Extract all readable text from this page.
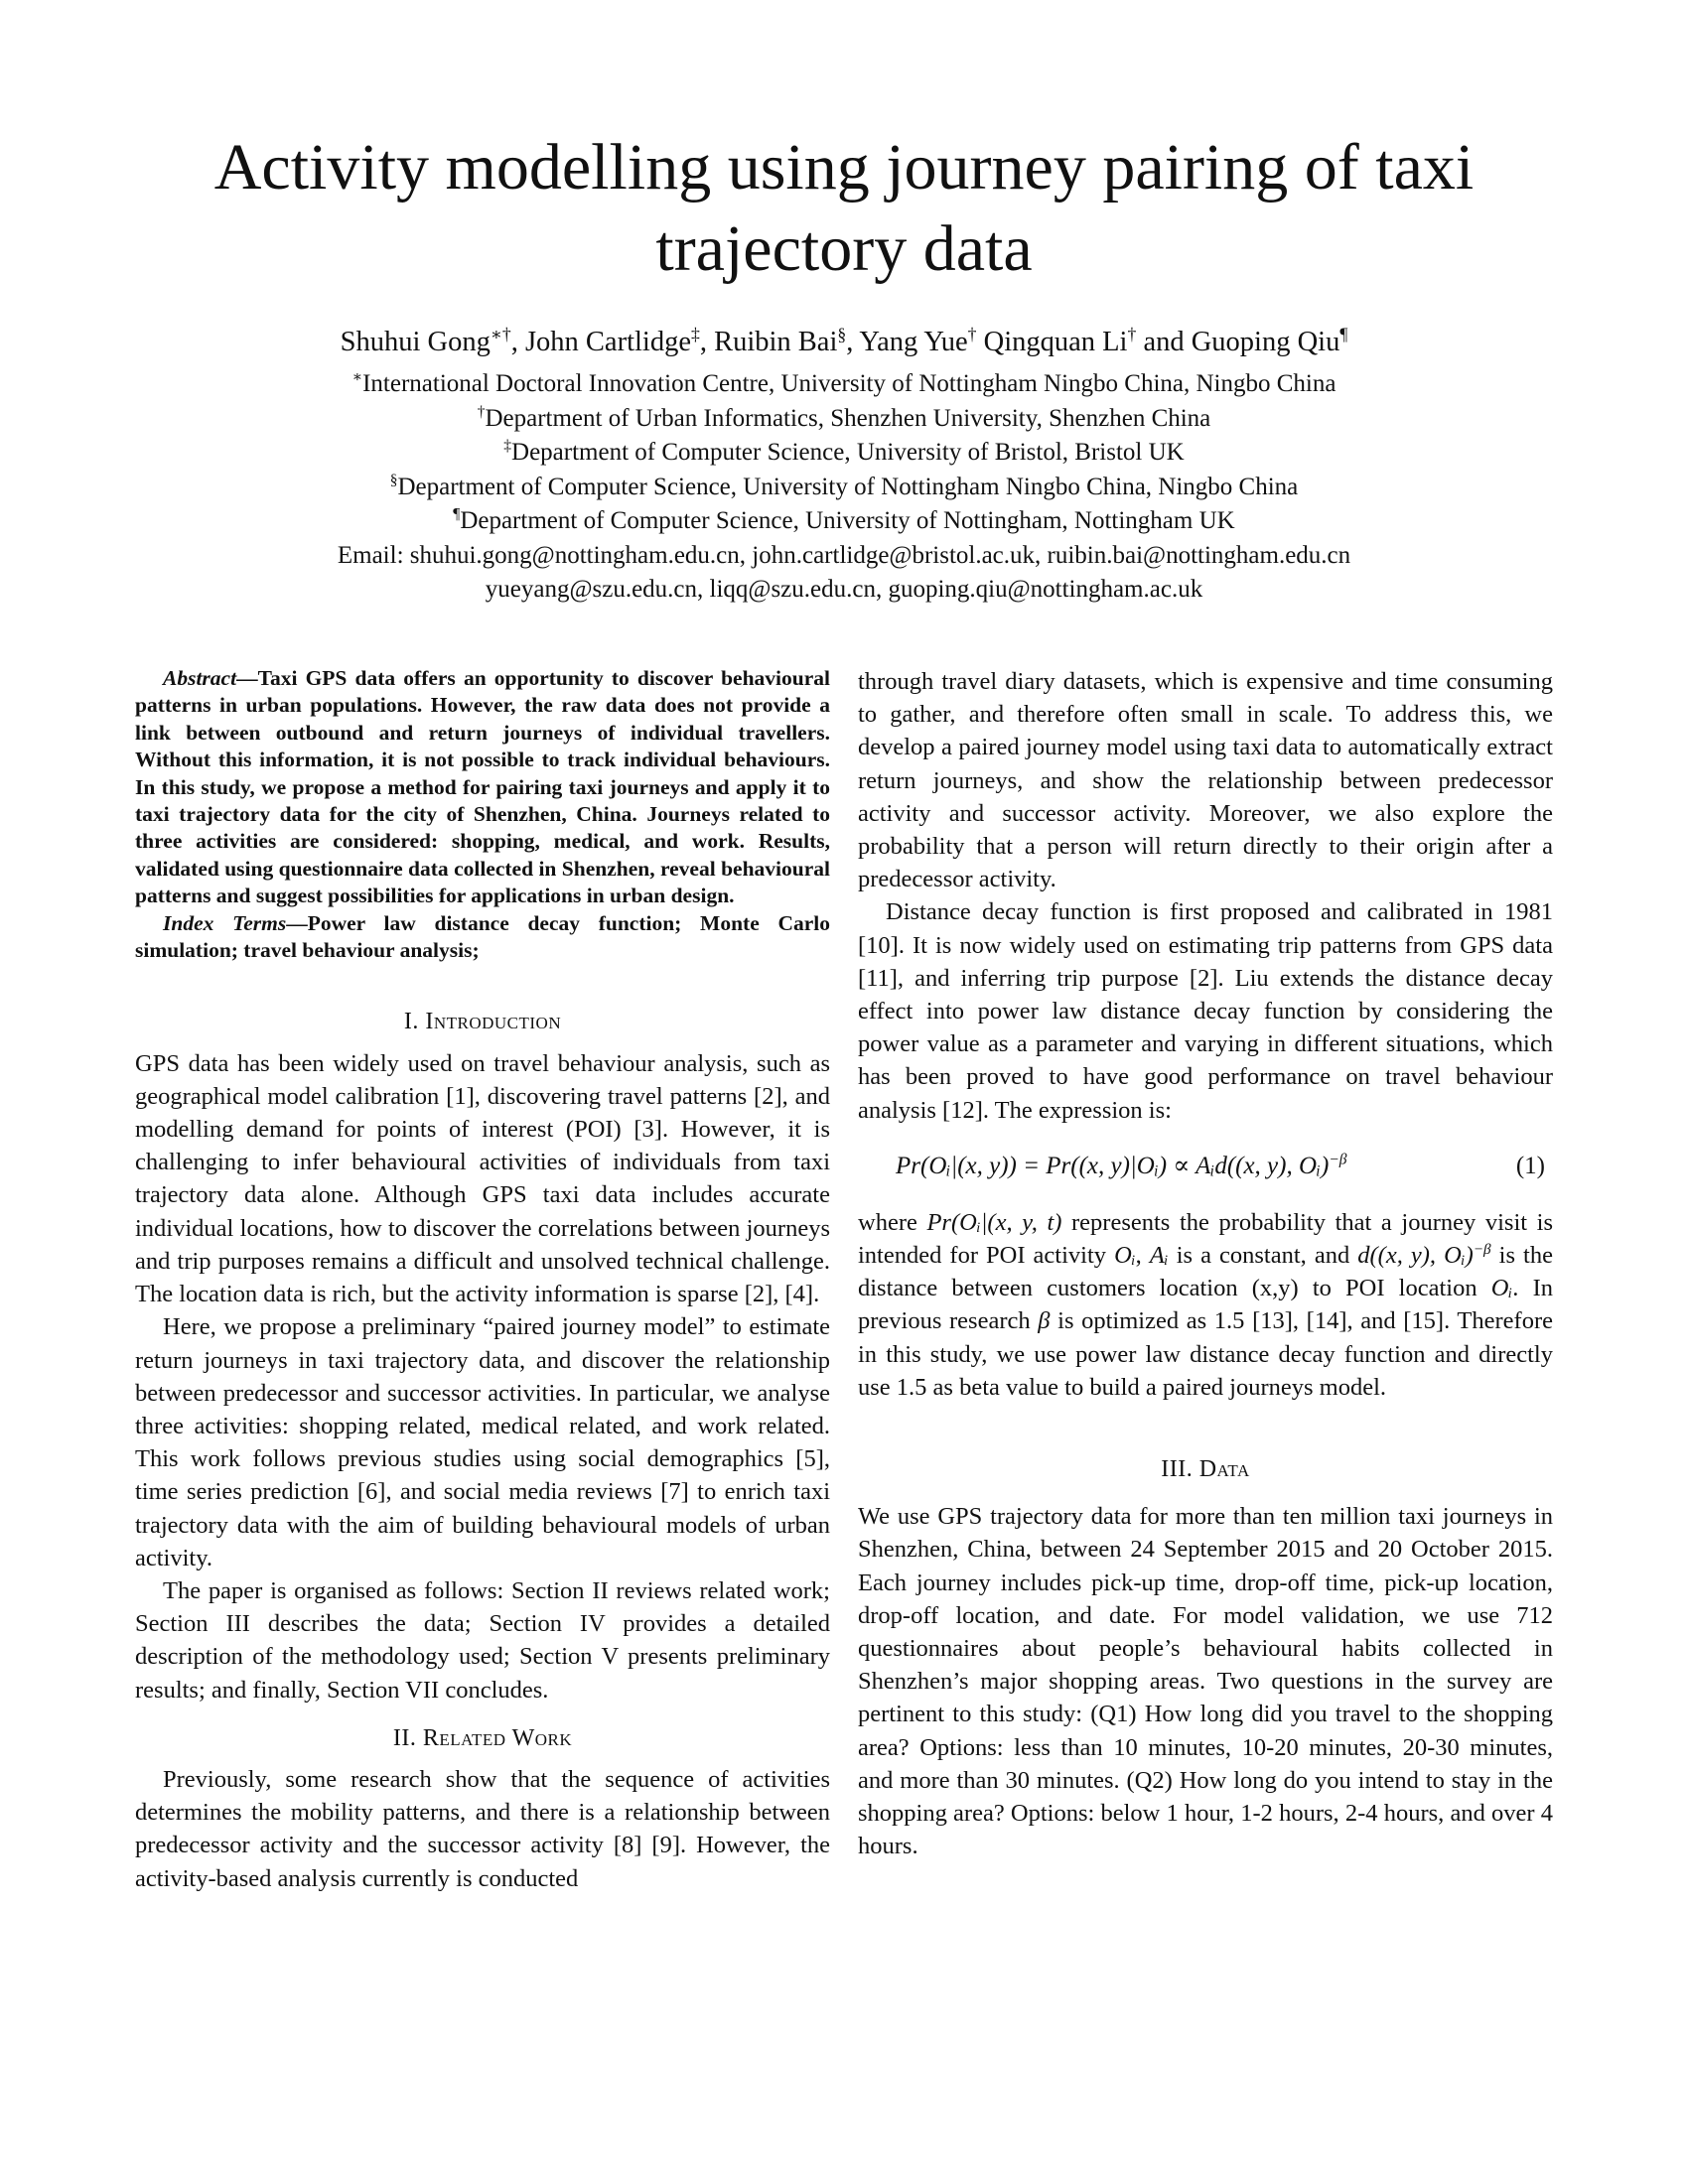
Activity modelling using journey pairing of taxi
trajectory data
Shuhui Gong∗†, John Cartlidge‡, Ruibin Bai§, Yang Yue† Qingquan Li† and Guoping Qiu¶
∗International Doctoral Innovation Centre, University of Nottingham Ningbo China, Ningbo China
†Department of Urban Informatics, Shenzhen University, Shenzhen China
‡Department of Computer Science, University of Bristol, Bristol UK
§Department of Computer Science, University of Nottingham Ningbo China, Ningbo China
¶Department of Computer Science, University of Nottingham, Nottingham UK
Email: shuhui.gong@nottingham.edu.cn, john.cartlidge@bristol.ac.uk, ruibin.bai@nottingham.edu.cn
yueyang@szu.edu.cn, liqq@szu.edu.cn, guoping.qiu@nottingham.ac.uk

Abstract—Taxi GPS data offers an opportunity to discover behavioural patterns in urban populations. However, the raw data does not provide a link between outbound and return journeys of individual travellers. Without this information, it is not possible to track individual behaviours. In this study, we propose a method for pairing taxi journeys and apply it to taxi trajectory data for the city of Shenzhen, China. Journeys related to three activities are considered: shopping, medical, and work. Results, validated using questionnaire data collected in Shenzhen, reveal behavioural patterns and suggest possibilities for applications in urban design.

Index Terms—Power law distance decay function; Monte Carlo simulation; travel behaviour analysis;

I. Introduction

GPS data has been widely used on travel behaviour analysis, such as geographical model calibration [1], discovering travel patterns [2], and modelling demand for points of interest (POI) [3]. However, it is challenging to infer behavioural activities of individuals from taxi trajectory data alone. Although GPS taxi data includes accurate individual locations, how to discover the correlations between journeys and trip purposes remains a difficult and unsolved technical challenge. The location data is rich, but the activity information is sparse [2], [4].

Here, we propose a preliminary “paired journey model” to estimate return journeys in taxi trajectory data, and discover the relationship between predecessor and successor activities. In particular, we analyse three activities: shopping related, medical related, and work related. This work follows previous studies using social demographics [5], time series prediction [6], and social media reviews [7] to enrich taxi trajectory data with the aim of building behavioural models of urban activity.

The paper is organised as follows: Section II reviews related work; Section III describes the data; Section IV provides a detailed description of the methodology used; Section V presents preliminary results; and finally, Section VII concludes.

II. Related Work

Previously, some research show that the sequence of activities determines the mobility patterns, and there is a relationship between predecessor activity and the successor activity [8] [9]. However, the activity-based analysis currently is conducted

through travel diary datasets, which is expensive and time consuming to gather, and therefore often small in scale. To address this, we develop a paired journey model using taxi data to automatically extract return journeys, and show the relationship between predecessor activity and successor activity. Moreover, we also explore the probability that a person will return directly to their origin after a predecessor activity.

Distance decay function is first proposed and calibrated in 1981 [10]. It is now widely used on estimating trip patterns from GPS data [11], and inferring trip purpose [2]. Liu extends the distance decay effect into power law distance decay function by considering the power value as a parameter and varying in different situations, which has been proved to have good performance on travel behaviour analysis [12]. The expression is:

Pr(Oᵢ|(x, y)) = Pr((x, y)|Oᵢ) ∝ Aᵢd((x, y), Oᵢ)$^{-\beta}$	(1)

where Pr(Oᵢ|(x, y, t) represents the probability that a journey visit is intended for POI activity Oᵢ, Aᵢ is a constant, and d((x, y), Oᵢ)$^{-\beta}$ is the distance between customers location (x,y) to POI location Oᵢ. In previous research β is optimized as 1.5 [13], [14], and [15]. Therefore in this study, we use power law distance decay function and directly use 1.5 as beta value to build a paired journeys model.

III. Data

We use GPS trajectory data for more than ten million taxi journeys in Shenzhen, China, between 24 September 2015 and 20 October 2015. Each journey includes pick-up time, drop-off time, pick-up location, drop-off location, and date. For model validation, we use 712 questionnaires about people’s behavioural habits collected in Shenzhen’s major shopping areas. Two questions in the survey are pertinent to this study: (Q1) How long did you travel to the shopping area? Options: less than 10 minutes, 10-20 minutes, 20-30 minutes, and more than 30 minutes. (Q2) How long do you intend to stay in the shopping area? Options: below 1 hour, 1-2 hours, 2-4 hours, and over 4 hours.
